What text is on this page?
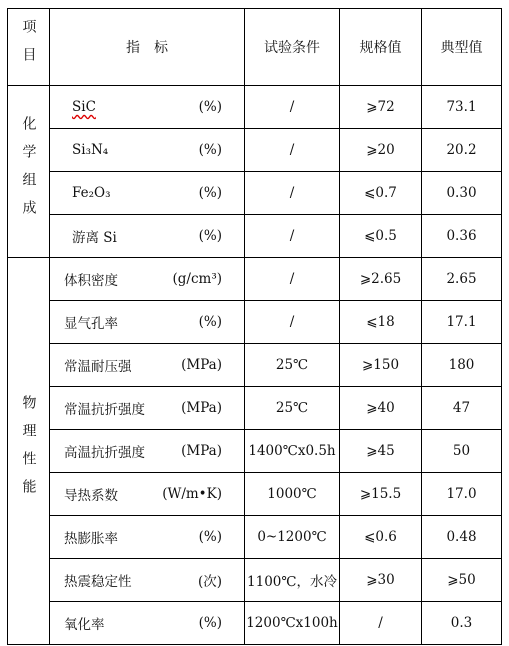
项目	指　标	试验条件	规格值	典型值

化学组成	SiC (%)	/	⩾72	73.1

	Si₃N₄ (%)	/	⩾20	20.2

	Fe₂O₃ (%)	/	⩽0.7	0.30

	游离 Si (%)	/	⩽0.5	0.36

物理性能	体积密度 (g/cm³)	/	⩾2.65	2.65

	显气孔率 (%)	/	⩽18	17.1

	常温耐压强 (MPa)	25℃	⩾150	180

	常温抗折强度 (MPa)	25℃	⩾40	47

	高温抗折强度 (MPa)	1400℃x0.5h	⩾45	50

	导热系数 (W/m•K)	1000℃	⩾15.5	17.0

	热膨胀率 (%)	0~1200℃	⩽0.6	0.48

	热震稳定性 (次)	1100℃，水冷	⩾30	⩾50

	氧化率 (%)	1200℃x100h	/	0.3
